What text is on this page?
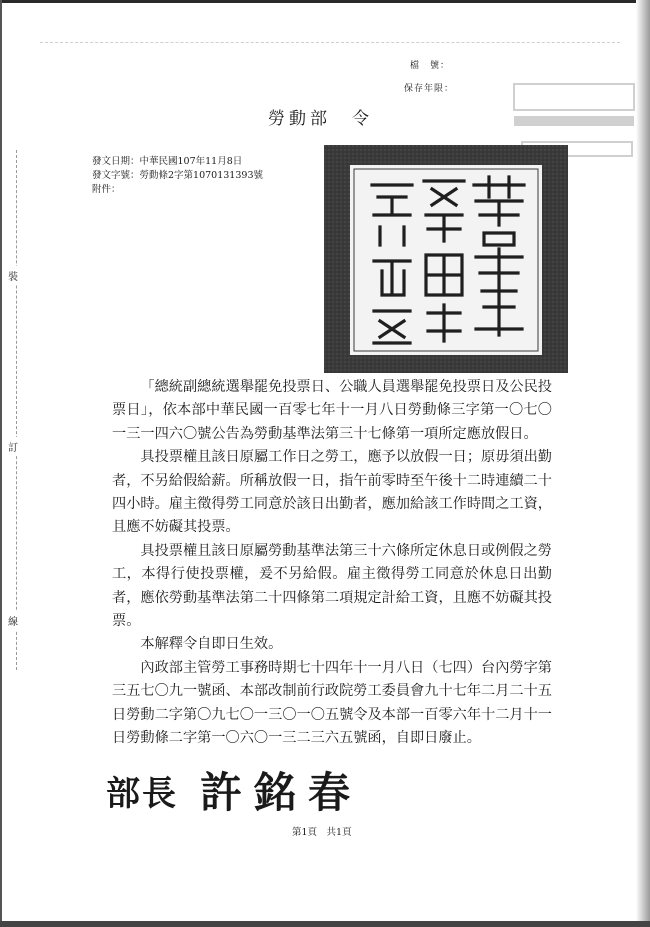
檔　號：
保存年限：
勞動部　令
發文日期：中華民國107年11月8日
發文字號：勞動條2字第1070131393號
附件：
裝
訂
線

「總統副總統選舉罷免投票日、公職人員選舉罷免投票日及公民投票日」，依本部中華民國一百零七年十一月八日勞動條三字第一〇七〇一三一四六〇號公告為勞動基準法第三十七條第一項所定應放假日。

具投票權且該日原屬工作日之勞工，應予以放假一日；原毋須出勤者，不另給假給薪。所稱放假一日，指午前零時至午後十二時連續二十四小時。雇主徵得勞工同意於該日出勤者，應加給該工作時間之工資，且應不妨礙其投票。

具投票權且該日原屬勞動基準法第三十六條所定休息日或例假之勞工，本得行使投票權，爰不另給假。雇主徵得勞工同意於休息日出勤者，應依勞動基準法第二十四條第二項規定計給工資，且應不妨礙其投票。

本解釋令自即日生效。

內政部主管勞工事務時期七十四年十一月八日（七四）台內勞字第三五七〇九一號函、本部改制前行政院勞工委員會九十七年二月二十五日勞動二字第〇九七〇一三〇一〇五號令及本部一百零六年十二月十一日勞動條二字第一〇六〇一三二三六五號函，自即日廢止。

部長 許銘春
第1頁　共1頁
